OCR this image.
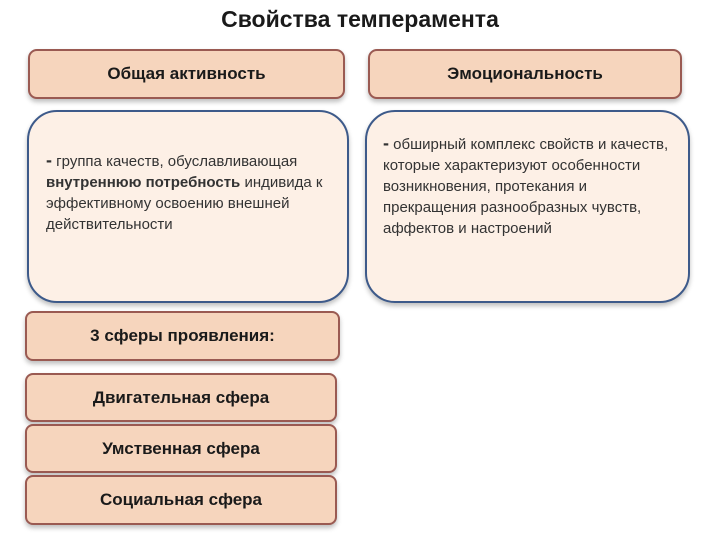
Свойства темперамента
Общая активность	Эмоциональность
- группа качеств, обуславливающая внутреннюю потребность индивида к эффективному освоению внешней действительности
- обширный комплекс свойств и качеств, которые характеризуют особенности возникновения, протекания и прекращения разнообразных чувств, аффектов и настроений
3 сферы проявления:
Двигательная сфера
Умственная сфера
Социальная сфера
